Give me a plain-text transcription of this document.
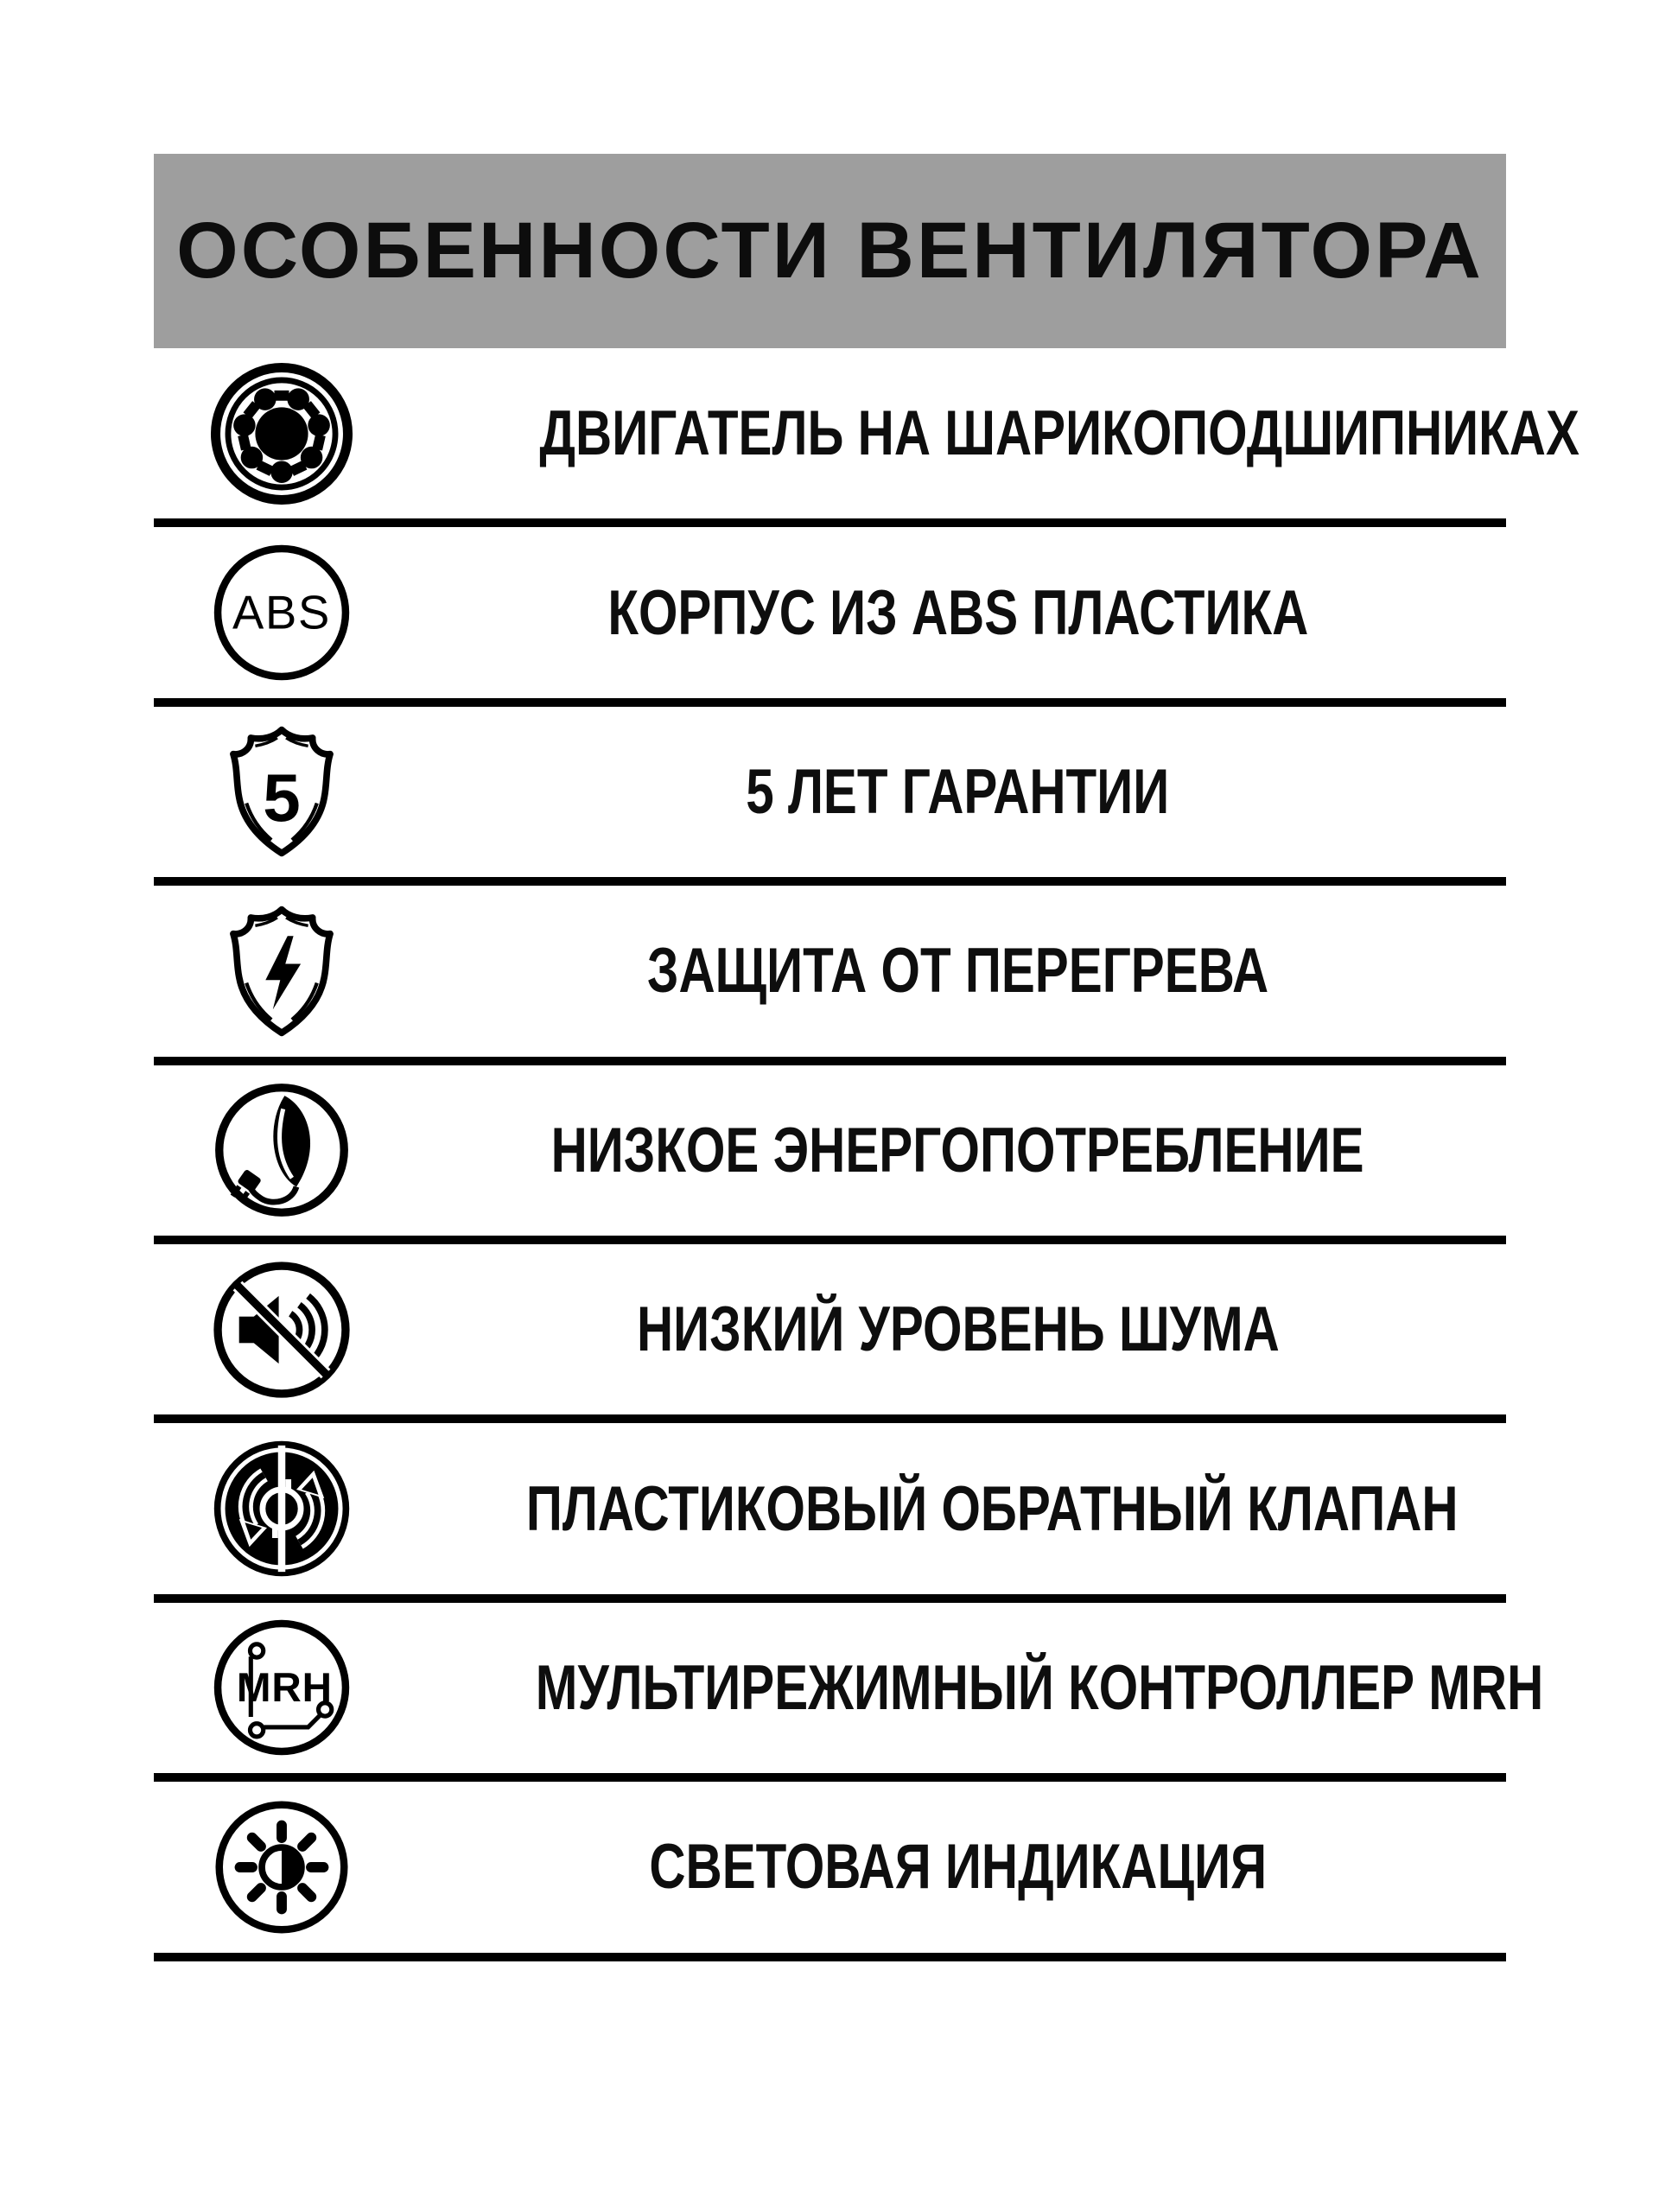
ОСОБЕННОСТИ ВЕНТИЛЯТОРА
ДВИГАТЕЛЬ НА ШАРИКОПОДШИПНИКАХ
ABS	КОРПУС ИЗ ABS ПЛАСТИКА
5	5 ЛЕТ ГАРАНТИИ
ЗАЩИТА ОТ ПЕРЕГРЕВА
НИЗКОЕ ЭНЕРГОПОТРЕБЛЕНИЕ
НИЗКИЙ УРОВЕНЬ ШУМА
ПЛАСТИКОВЫЙ ОБРАТНЫЙ КЛАПАН
MRH	МУЛЬТИРЕЖИМНЫЙ КОНТРОЛЛЕР MRH
СВЕТОВАЯ ИНДИКАЦИЯ
